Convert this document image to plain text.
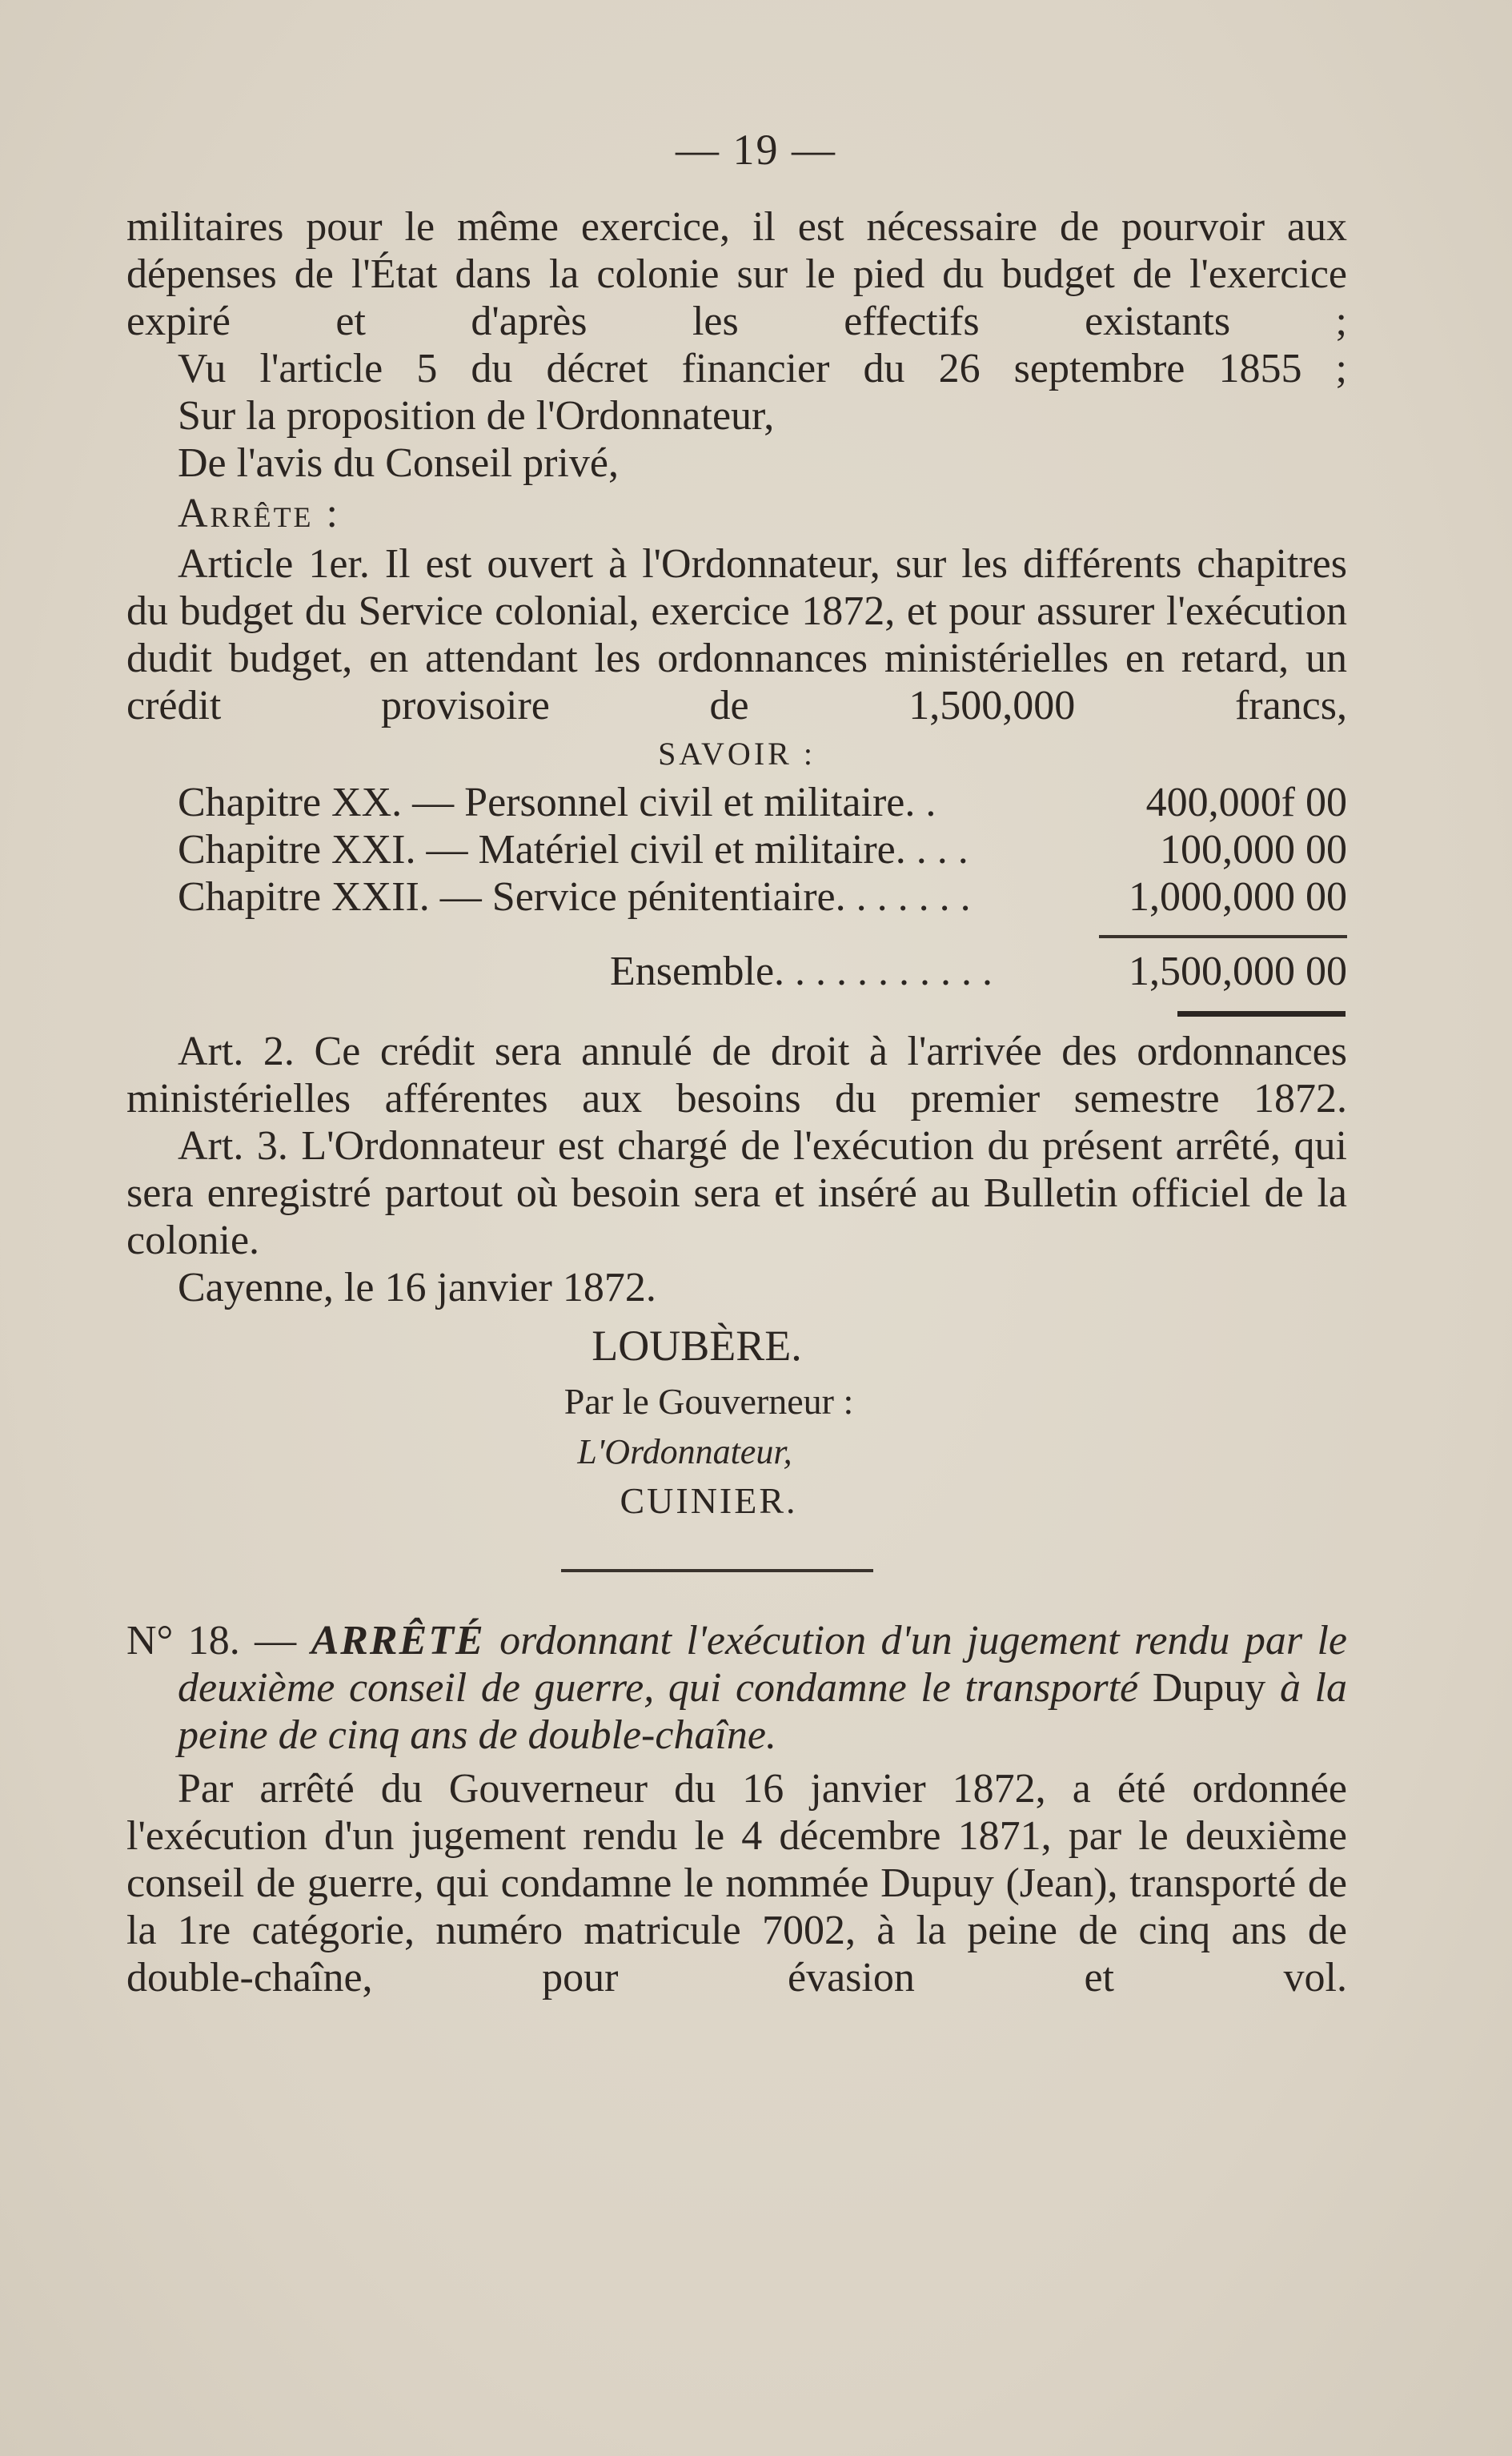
— 19 —

militaires pour le même exercice, il est nécessaire de pourvoir aux dépenses de l'État dans la colonie sur le pied du budget de l'exercice expiré et d'après les effectifs existants ;

Vu l'article 5 du décret financier du 26 septembre 1855 ;

Sur la proposition de l'Ordonnateur,

De l'avis du Conseil privé,

Arrête :

Article 1er. Il est ouvert à l'Ordonnateur, sur les différents chapitres du budget du Service colonial, exercice 1872, et pour assurer l'exécution dudit budget, en attendant les ordonnances ministérielles en retard, un crédit provisoire de 1,500,000 francs,

SAVOIR :
Chapitre XX. — Personnel civil et militaire. .	400,000f 00
Chapitre XXI. — Matériel civil et militaire. . . .	100,000 00
Chapitre XXII. — Service pénitentiaire. . . . . . .	1,000,000 00
Ensemble. . . . . . . . . . .	1,500,000 00

Art. 2. Ce crédit sera annulé de droit à l'arrivée des ordonnances ministérielles afférentes aux besoins du premier semestre 1872.

Art. 3. L'Ordonnateur est chargé de l'exécution du présent arrêté, qui sera enregistré partout où besoin sera et inséré au Bulletin officiel de la colonie.

Cayenne, le 16 janvier 1872.

LOUBÈRE.
Par le Gouverneur :
L'Ordonnateur,
CUINIER.

N° 18. — ARRÊTÉ ordonnant l'exécution d'un jugement rendu par le deuxième conseil de guerre, qui condamne le transporté Dupuy à la peine de cinq ans de double-chaîne.

Par arrêté du Gouverneur du 16 janvier 1872, a été ordonnée l'exécution d'un jugement rendu le 4 décembre 1871, par le deuxième conseil de guerre, qui condamne le nommée Dupuy (Jean), transporté de la 1re catégorie, numéro matricule 7002, à la peine de cinq ans de double-chaîne, pour évasion et vol.
